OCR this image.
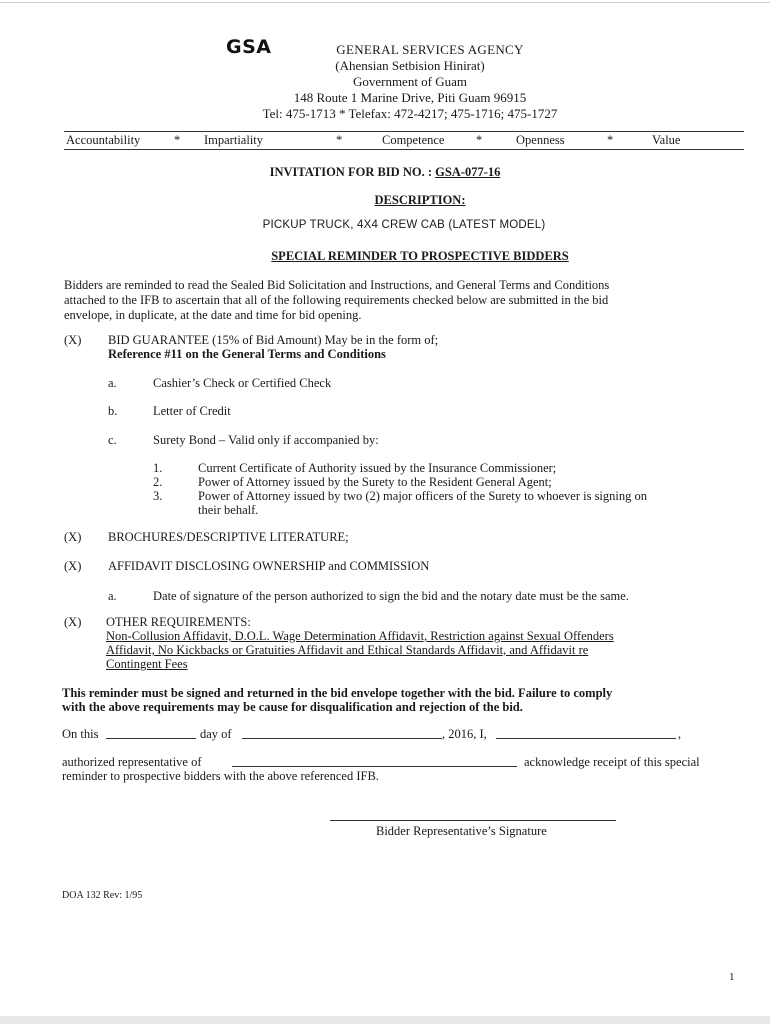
GSA	GENERAL SERVICES AGENCY
(Ahensian Setbision Hinirat)
Government of Guam
148 Route 1 Marine Drive, Piti Guam 96915
Tel: 475-1713 * Telefax: 472-4217; 475-1716; 475-1727
Accountability	* Impartiality	*	Competence	*	Openness	*	Value
INVITATION FOR BID NO. : GSA-077-16
DESCRIPTION:
PICKUP TRUCK, 4X4 CREW CAB (LATEST MODEL)
SPECIAL REMINDER TO PROSPECTIVE BIDDERS
Bidders are reminded to read the Sealed Bid Solicitation and Instructions, and General Terms and Conditions
attached to the IFB to ascertain that all of the following requirements checked below are submitted in the bid
envelope, in duplicate, at the date and time for bid opening.
(X) BID GUARANTEE (15% of Bid Amount) May be in the form of;
Reference #11 on the General Terms and Conditions
a.	Cashier’s Check or Certified Check
b.	Letter of Credit
c.	Surety Bond – Valid only if accompanied by:
1.	Current Certificate of Authority issued by the Insurance Commissioner;
2.	Power of Attorney issued by the Surety to the Resident General Agent;
3.	Power of Attorney issued by two (2) major officers of the Surety to whoever is signing on
their behalf.
(X) BROCHURES/DESCRIPTIVE LITERATURE;
(X) AFFIDAVIT DISCLOSING OWNERSHIP and COMMISSION
a.	Date of signature of the person authorized to sign the bid and the notary date must be the same.
(X) OTHER REQUIREMENTS:
Non-Collusion Affidavit, D.O.L. Wage Determination Affidavit, Restriction against Sexual Offenders
Affidavit, No Kickbacks or Gratuities Affidavit and Ethical Standards Affidavit, and Affidavit re
Contingent Fees
This reminder must be signed and returned in the bid envelope together with the bid. Failure to comply
with the above requirements may be cause for disqualification and rejection of the bid.
On this	day of	, 2016, I,	,
authorized representative of	acknowledge receipt of this special
reminder to prospective bidders with the above referenced IFB.
Bidder Representative’s Signature
DOA 132 Rev: 1/95
1
